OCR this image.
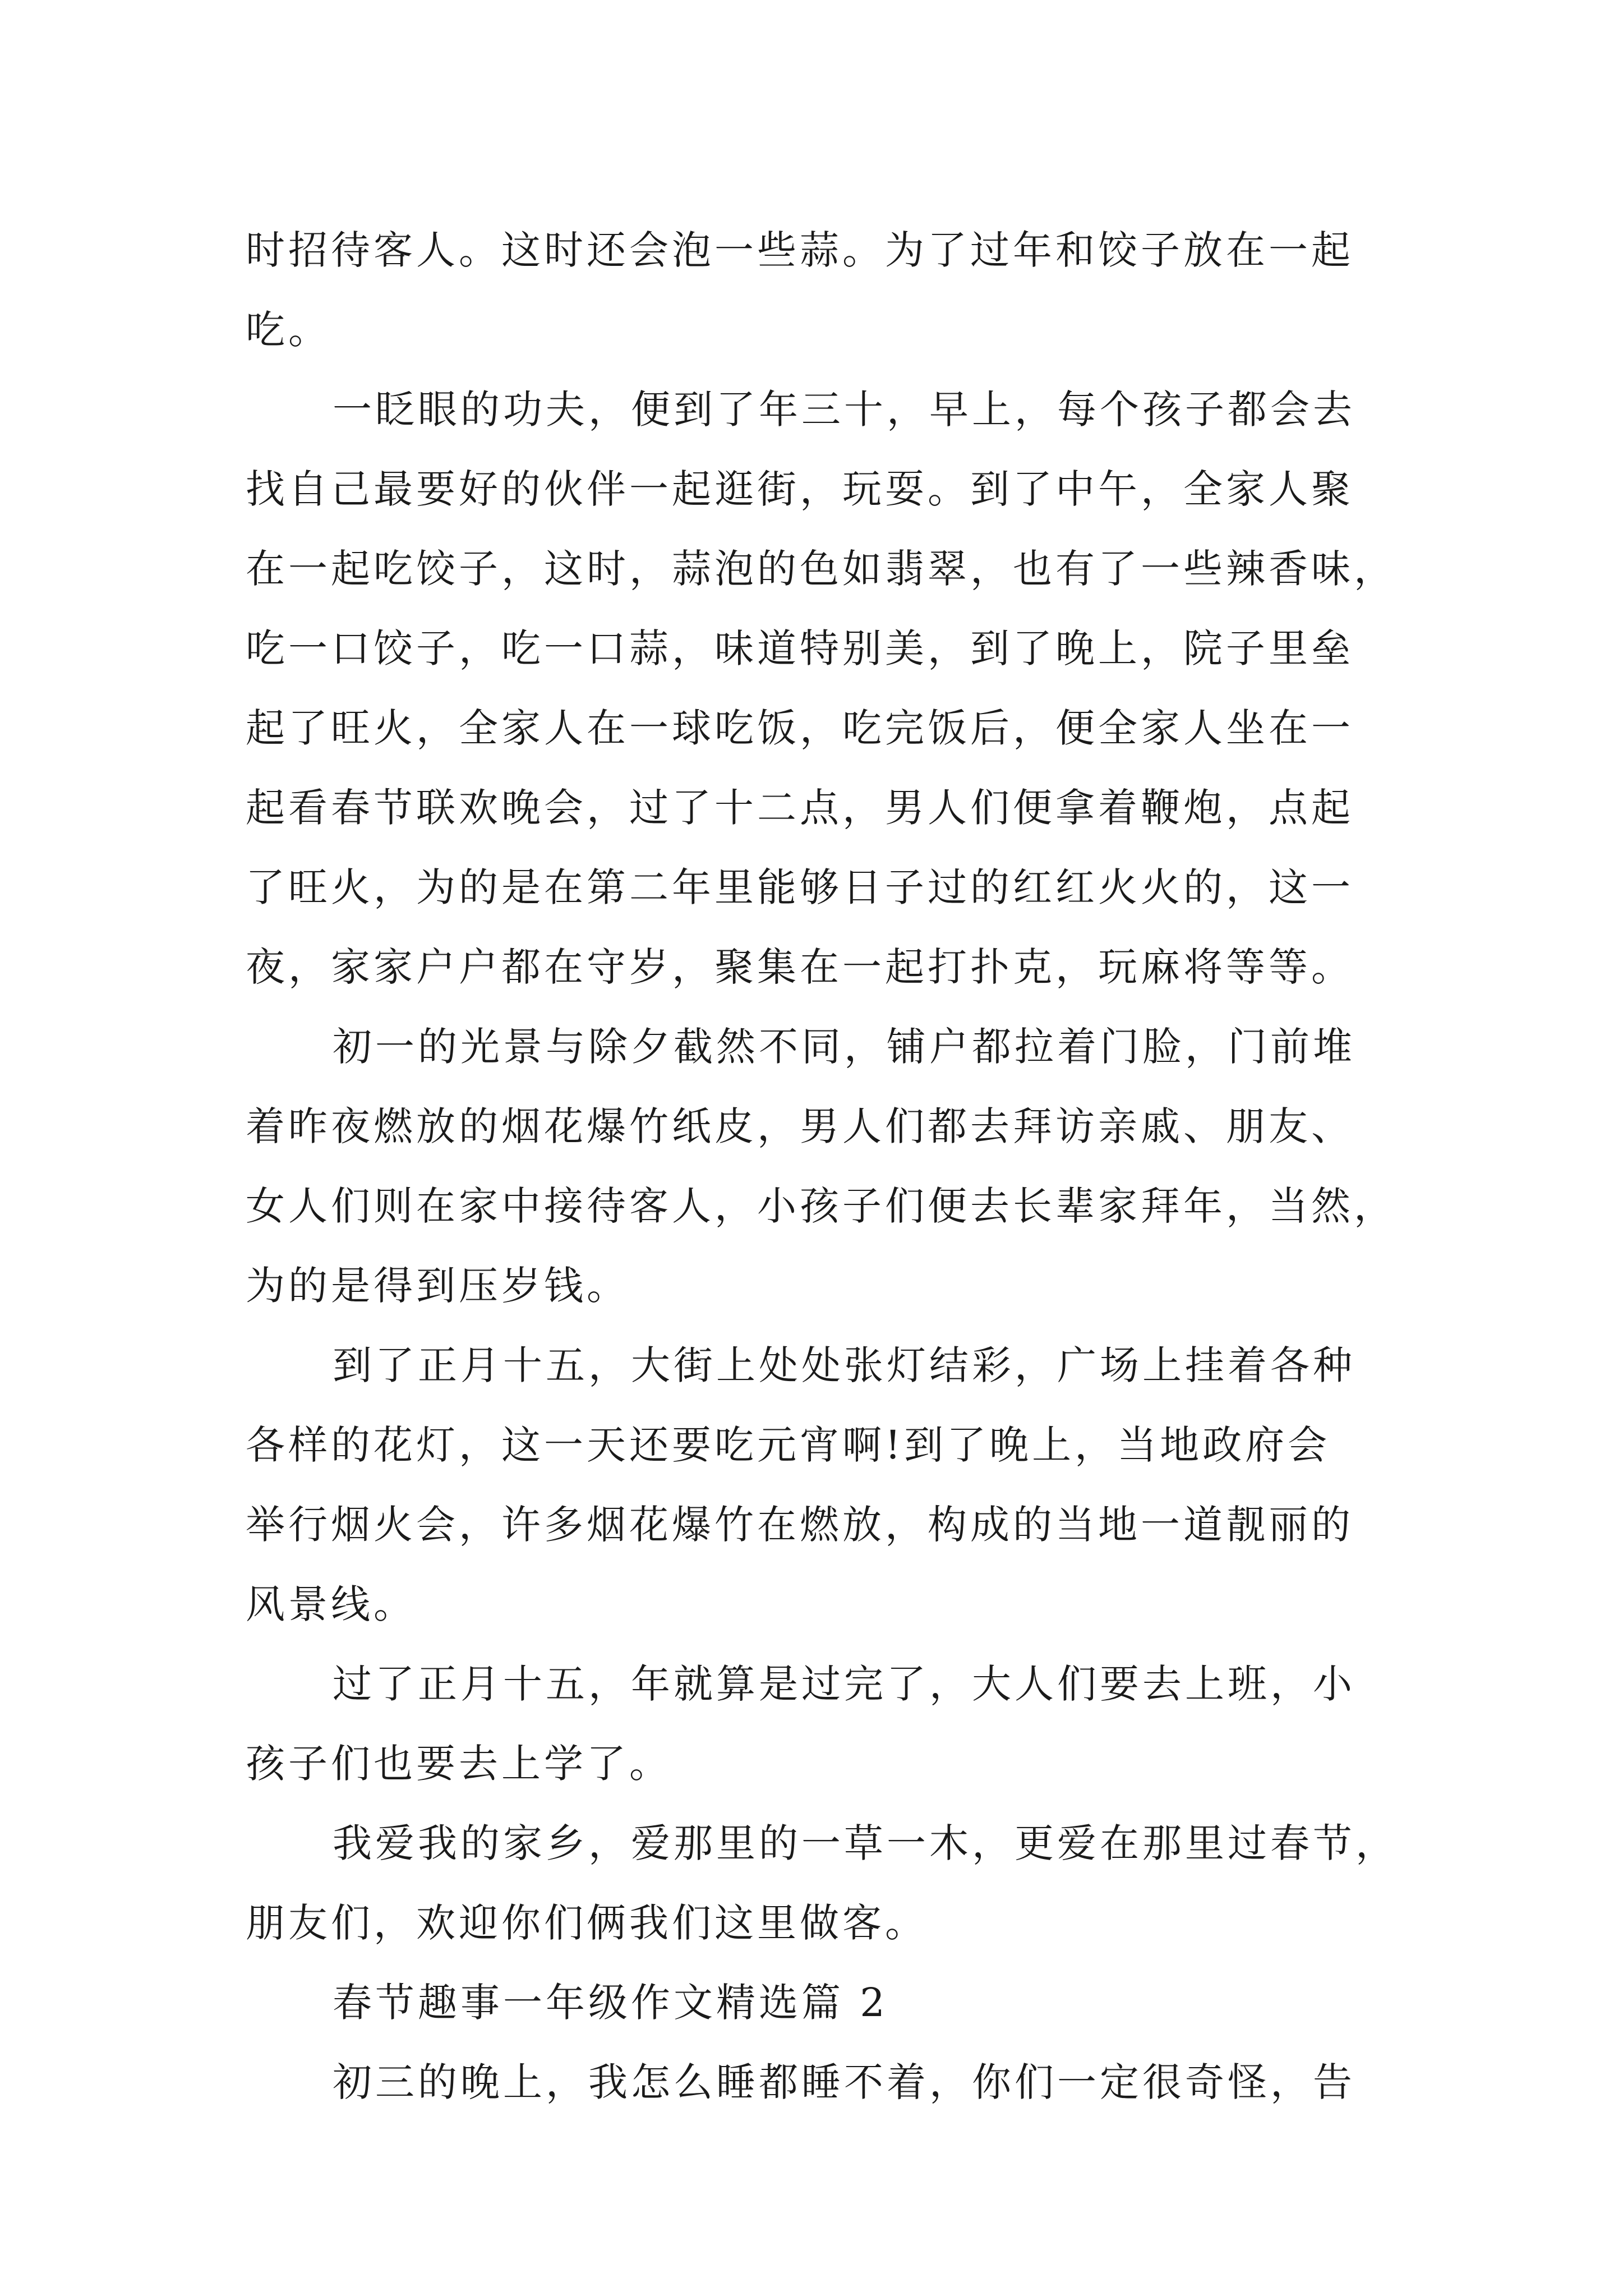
时招待客人。这时还会泡一些蒜。为了过年和饺子放在一起
吃。
一眨眼的功夫，便到了年三十，早上，每个孩子都会去
找自己最要好的伙伴一起逛街，玩耍。到了中午，全家人聚
在一起吃饺子，这时，蒜泡的色如翡翠，也有了一些辣香味，
吃一口饺子，吃一口蒜，味道特别美，到了晚上，院子里垒
起了旺火，全家人在一球吃饭，吃完饭后，便全家人坐在一
起看春节联欢晚会，过了十二点，男人们便拿着鞭炮，点起
了旺火，为的是在第二年里能够日子过的红红火火的，这一
夜，家家户户都在守岁，聚集在一起打扑克，玩麻将等等。
初一的光景与除夕截然不同，铺户都拉着门脸，门前堆
着昨夜燃放的烟花爆竹纸皮，男人们都去拜访亲戚、朋友、
女人们则在家中接待客人，小孩子们便去长辈家拜年，当然，
为的是得到压岁钱。
到了正月十五，大街上处处张灯结彩，广场上挂着各种
各样的花灯，这一天还要吃元宵啊!到了晚上，当地政府会
举行烟火会，许多烟花爆竹在燃放，构成的当地一道靓丽的
风景线。
过了正月十五，年就算是过完了，大人们要去上班，小
孩子们也要去上学了。
我爱我的家乡，爱那里的一草一木，更爱在那里过春节，
朋友们，欢迎你们俩我们这里做客。
春节趣事一年级作文精选篇 2
初三的晚上，我怎么睡都睡不着，你们一定很奇怪，告
